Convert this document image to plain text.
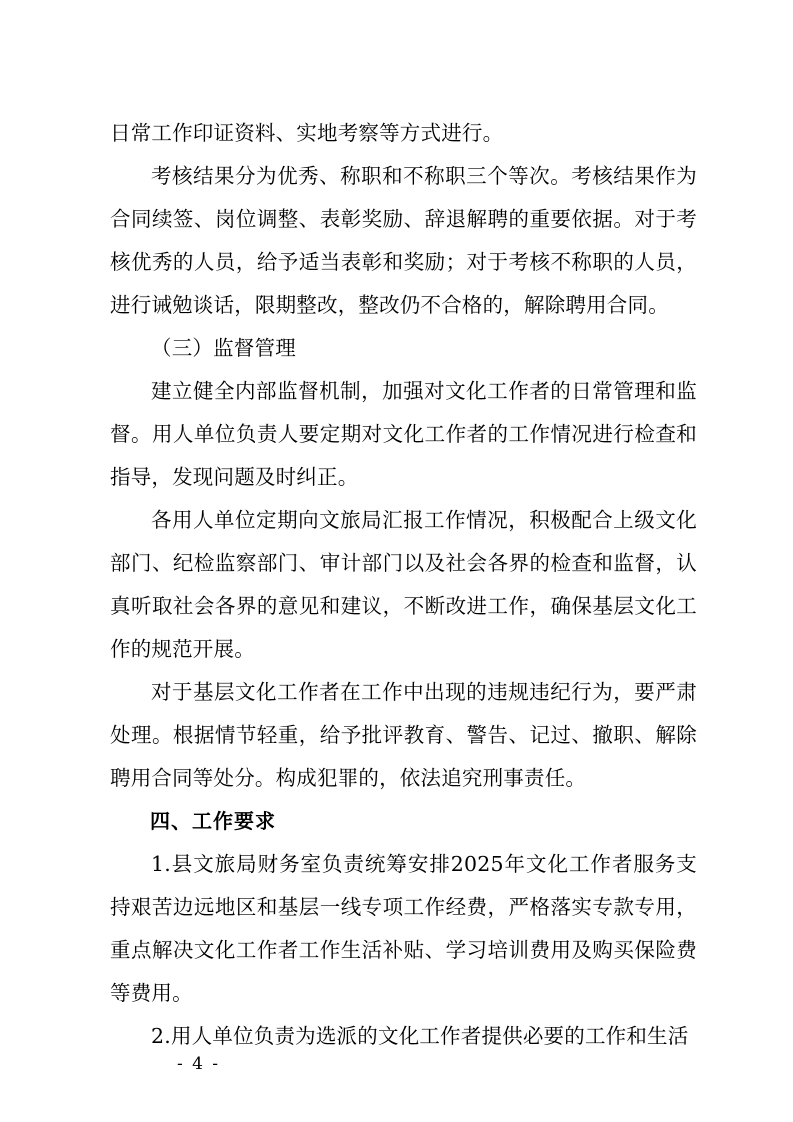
日常工作印证资料、实地考察等方式进行。

考核结果分为优秀、称职和不称职三个等次。考核结果作为合同续签、岗位调整、表彰奖励、辞退解聘的重要依据。对于考核优秀的人员，给予适当表彰和奖励；对于考核不称职的人员，进行诫勉谈话，限期整改，整改仍不合格的，解除聘用合同。

（三）监督管理

建立健全内部监督机制，加强对文化工作者的日常管理和监督。用人单位负责人要定期对文化工作者的工作情况进行检查和指导，发现问题及时纠正。

各用人单位定期向文旅局汇报工作情况，积极配合上级文化部门、纪检监察部门、审计部门以及社会各界的检查和监督，认真听取社会各界的意见和建议，不断改进工作，确保基层文化工作的规范开展。

对于基层文化工作者在工作中出现的违规违纪行为，要严肃处理。根据情节轻重，给予批评教育、警告、记过、撤职、解除聘用合同等处分。构成犯罪的，依法追究刑事责任。

四、工作要求

1.县文旅局财务室负责统筹安排2025年文化工作者服务支持艰苦边远地区和基层一线专项工作经费，严格落实专款专用，重点解决文化工作者工作生活补贴、学习培训费用及购买保险费等费用。

2.用人单位负责为选派的文化工作者提供必要的工作和生活

- 4 -
